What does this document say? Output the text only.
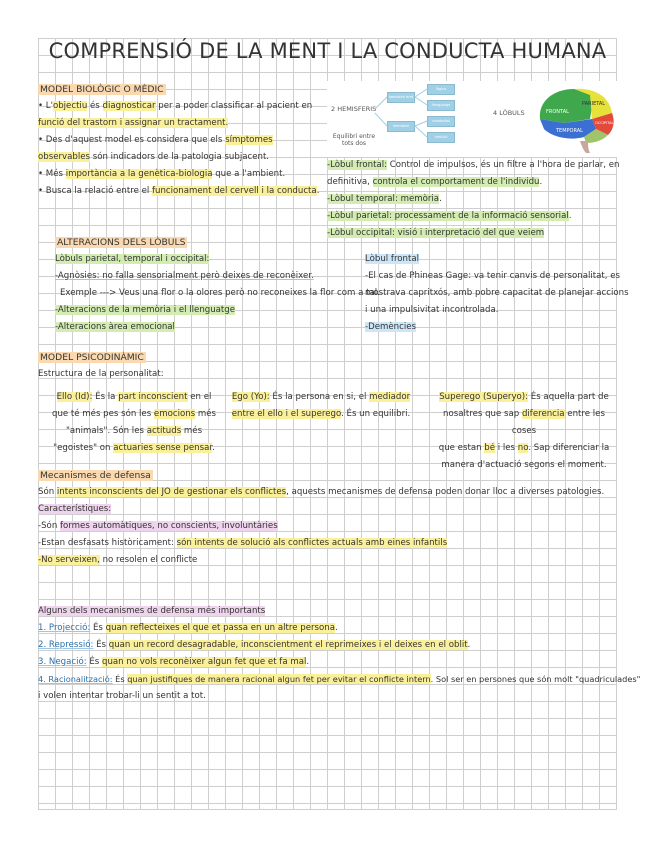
COMPRENSIÓ DE LA MENT I LA CONDUCTA HUMANA
MODEL BIOLÒGIC O MÈDIC
• L'objectiu és diagnosticar per a poder classificar al pacient en
funció del trastorn i assignar un tractament.
• Des d'aquest model es considera que els símptomes
observables són indicadors de la patologia subjacent.
• Més importància a la genètica-biologia que a l'ambient.
• Busca la relació entre el funcionament del cervell i la conducta.
2 HEMISFERIS
Equilibri entre tots dos
hemisferi dret
hemisferi esquerre
lògica
llenguatge
creativitat
intuïció
4 LÒBULS	FRONTAL
PARIETAL
TEMPORAL
OCCIPITAL
-Lòbul frontal: Control de impulsos, és un filtre a l'hora de parlar, en
definitiva, controla el comportament de l'individu.
-Lòbul temporal: memòria.
-Lòbul parietal: processament de la informació sensorial.
-Lòbul occipital: visió i interpretació del que veiem
ALTERACIONS DELS LÒBULS
Lòbuls parietal, temporal i occipital:
-Agnòsies: no falla sensorialment però deixes de reconèixer.
Exemple ---> Veus una flor o la olores però no reconeixes la flor com a tal.
-Alteracions de la memòria i el llenguatge
-Alteracions àrea emocional
Lòbul frontal
-El cas de Phineas Gage: va tenir canvis de personalitat, es
mostrava capritxós, amb pobre capacitat de planejar accions
i una impulsivitat incontrolada.
-Demències
MODEL PSICODINÀMIC
Estructura de la personalitat:

Ello (Id): És la part inconscient en el

que té més pes són les emocions més

"animals". Són les actituds més

"egoistes" on actuaries sense pensar.

Ego (Yo): És la persona en si, el mediador

entre el ello i el superego. És un equilibri.

Superego (Superyo): És aquella part de

nosaltres que sap diferencia entre les coses

que estan bé i les no. Sap diferenciar la

manera d'actuació segons el moment.

Mecanismes de defensa
Són intents inconscients del JO de gestionar els conflictes, aquests mecanismes de defensa poden donar lloc a diverses patologies.
Característiques:
-Són formes automàtiques, no conscients, involuntàries
-Estan desfasats històricament: són intents de solució als conflictes actuals amb eines infantils
-No serveixen, no resolen el conflicte
Alguns dels mecanismes de defensa més importants
1. Projecció: És quan reflecteixes el que et passa en un altre persona.
2. Repressió: És quan un record desagradable, inconscientment el reprimeixes i el deixes en el oblit.
3. Negació: És quan no vols reconèixer algun fet que et fa mal.
4. Racionalització: És quan justifiques de manera racional algun fet per evitar el conflicte intern. Sol ser en persones que són molt "quadriculades"
i volen intentar trobar-li un sentit a tot.
